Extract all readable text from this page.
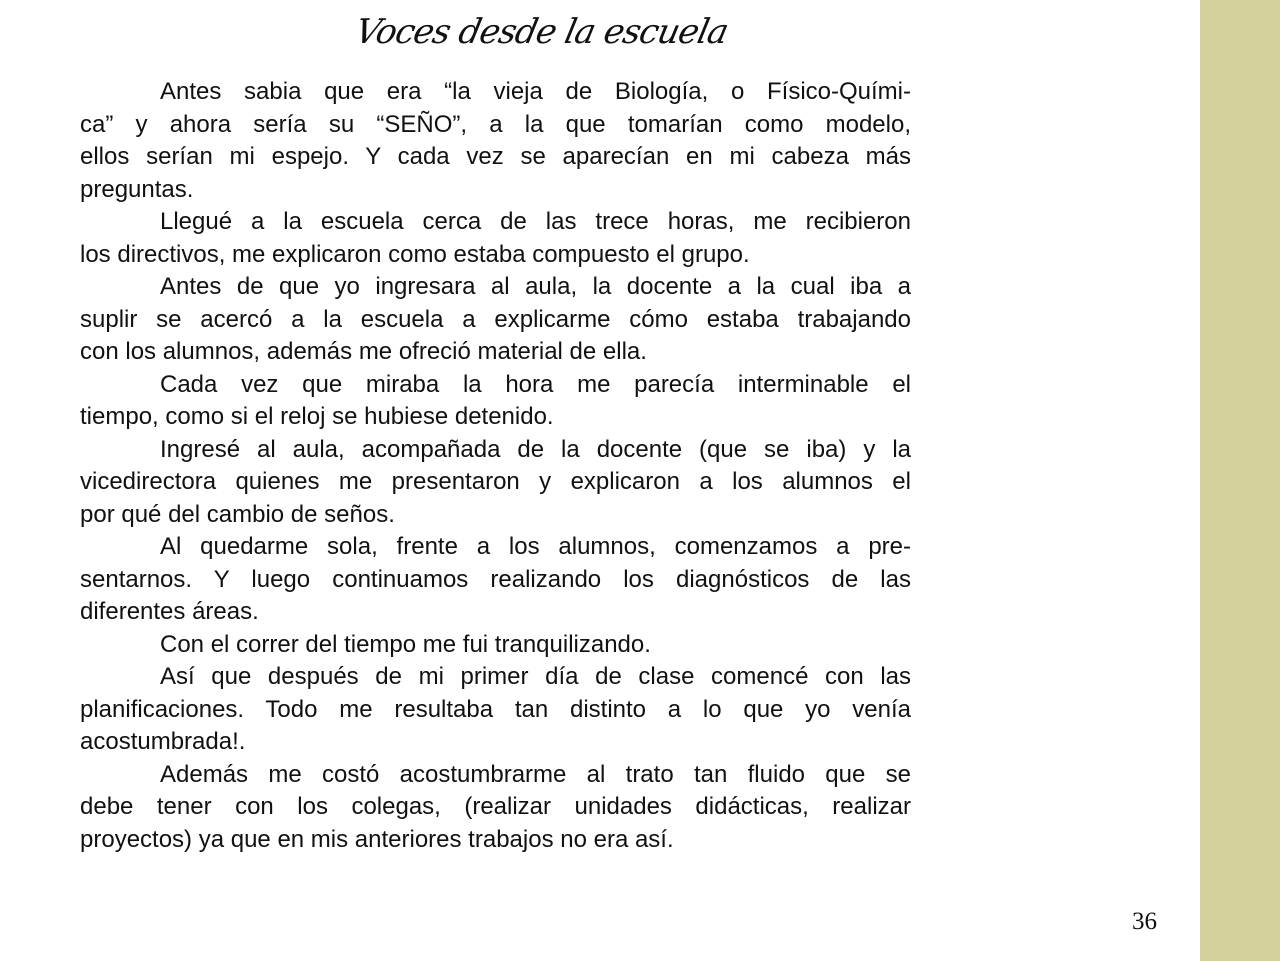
Voces desde la escuela
Antes sabia que era “la vieja de Biología, o Físico-Quími-
ca” y ahora sería su “SEÑO”, a la que tomarían como modelo,
ellos serían mi espejo. Y cada vez se aparecían en mi cabeza más
preguntas.
Llegué a la escuela cerca de las trece horas, me recibieron
los directivos, me explicaron como estaba compuesto el grupo.
Antes de que yo ingresara al aula, la docente a la cual iba a
suplir se acercó a la escuela a explicarme cómo estaba trabajando
con los alumnos, además me ofreció material de ella.
Cada vez que miraba la hora me parecía interminable el
tiempo, como si el reloj se hubiese detenido.
Ingresé al aula, acompañada de la docente (que se iba) y la
vicedirectora quienes me presentaron y explicaron a los alumnos el
por qué del cambio de seños.
Al quedarme sola, frente a los alumnos, comenzamos a pre-
sentarnos. Y luego continuamos realizando los diagnósticos de las
diferentes áreas.
Con el correr del tiempo me fui tranquilizando.
Así que después de mi primer día de clase comencé con las
planificaciones. Todo me resultaba tan distinto a lo que yo venía
acostumbrada!.
Además me costó acostumbrarme al trato tan fluido que se
debe tener con los colegas, (realizar unidades didácticas, realizar
proyectos) ya que en mis anteriores trabajos no era así.
36
